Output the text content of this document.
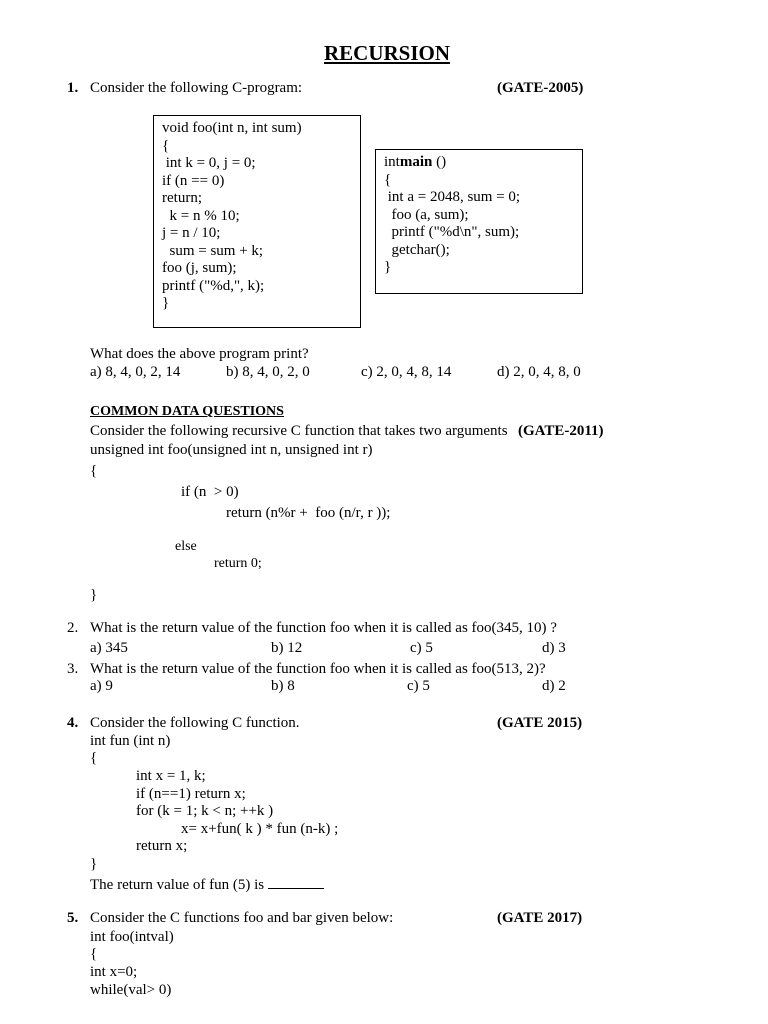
RECURSION
1. Consider the following C-program:	(GATE-2005)
void foo(int n, int sum)
{
int k = 0, j = 0;
if (n == 0)
return;
k = n % 10;
j = n / 10;
sum = sum + k;
foo (j, sum);
printf ("%d,", k);
}
intmain ()
{
int a = 2048, sum = 0;
foo (a, sum);
printf ("%d\n", sum);
getchar();
}
What does the above program print?
a) 8, 4, 0, 2, 14	b) 8, 4, 0, 2, 0	c) 2, 0, 4, 8, 14	d) 2, 0, 4, 8, 0
COMMON DATA QUESTIONS
Consider the following recursive C function that takes two arguments (GATE-2011)
unsigned int foo(unsigned int n, unsigned int r)
{
if (n  > 0)
return (n%r +  foo (n/r, r ));
else
return 0;
}
2. What is the return value of the function foo when it is called as foo(345, 10) ?
a) 345	b) 12	c) 5	d) 3
3. What is the return value of the function foo when it is called as foo(513, 2)?
a) 9	b) 8	c) 5	d) 2
4. Consider the following C function.	(GATE 2015)
int fun (int n)
{
int x = 1, k;
if (n==1) return x;
for (k = 1; k < n; ++k )
x= x+fun( k ) * fun (n-k) ;
return x;
}
The return value of fun (5) is
5. Consider the C functions foo and bar given below:	(GATE 2017)
int foo(intval)
{
int x=0;
while(val> 0)
